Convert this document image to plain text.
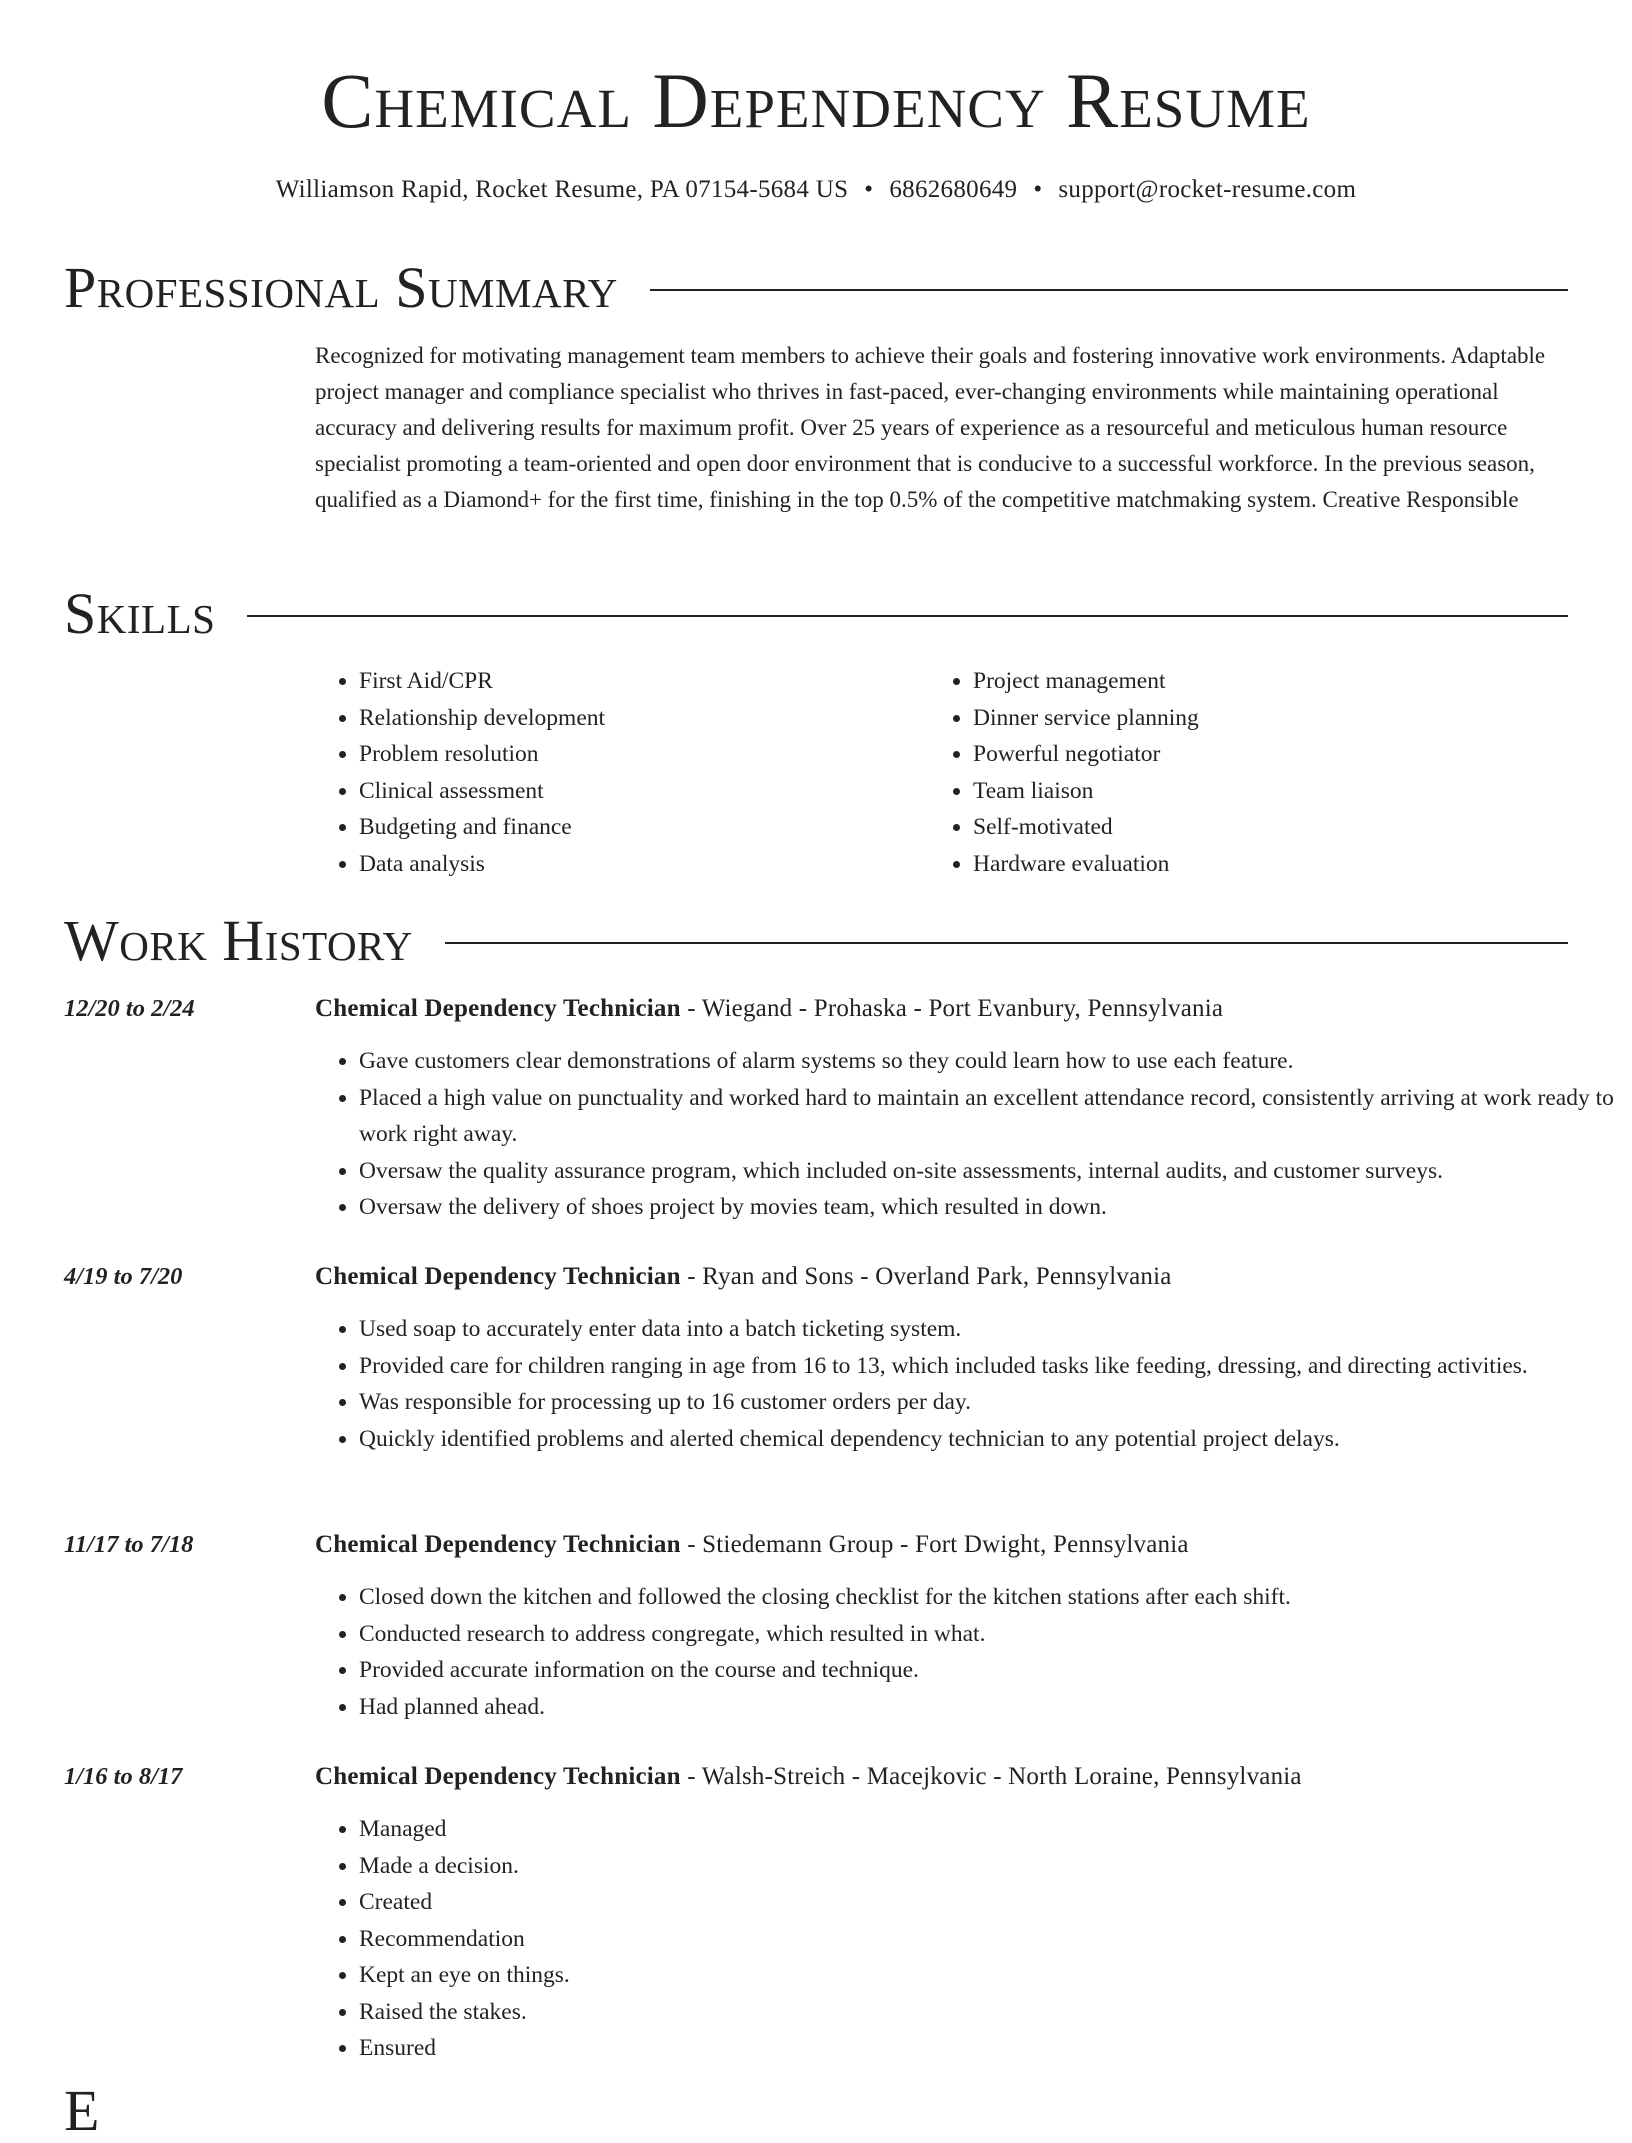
Chemical Dependency Resume
Williamson Rapid, Rocket Resume, PA 07154-5684 US • 6862680649 • support@rocket-resume.com
Professional Summary
Recognized for motivating management team members to achieve their goals and fostering innovative work environments. Adaptable project manager and compliance specialist who thrives in fast-paced, ever-changing environments while maintaining operational accuracy and delivering results for maximum profit. Over 25 years of experience as a resourceful and meticulous human resource specialist promoting a team-oriented and open door environment that is conducive to a successful workforce. In the previous season, qualified as a Diamond+ for the first time, finishing in the top 0.5% of the competitive matchmaking system. Creative Responsible
Skills
• First Aid/CPR
• Relationship development
• Problem resolution
• Clinical assessment
• Budgeting and finance
• Data analysis
• Project management
• Dinner service planning
• Powerful negotiator
• Team liaison
• Self-motivated
• Hardware evaluation
Work History
12/20 to 2/24	Chemical Dependency Technician - Wiegand - Prohaska - Port Evanbury, Pennsylvania
• Gave customers clear demonstrations of alarm systems so they could learn how to use each feature.
• Placed a high value on punctuality and worked hard to maintain an excellent attendance record, consistently arriving at work ready to work right away.
• Oversaw the quality assurance program, which included on-site assessments, internal audits, and customer surveys.
• Oversaw the delivery of shoes project by movies team, which resulted in down.
4/19 to 7/20	Chemical Dependency Technician - Ryan and Sons - Overland Park, Pennsylvania
• Used soap to accurately enter data into a batch ticketing system.
• Provided care for children ranging in age from 16 to 13, which included tasks like feeding, dressing, and directing activities.
• Was responsible for processing up to 16 customer orders per day.
• Quickly identified problems and alerted chemical dependency technician to any potential project delays.
11/17 to 7/18	Chemical Dependency Technician - Stiedemann Group - Fort Dwight, Pennsylvania
• Closed down the kitchen and followed the closing checklist for the kitchen stations after each shift.
• Conducted research to address congregate, which resulted in what.
• Provided accurate information on the course and technique.
• Had planned ahead.
1/16 to 8/17	Chemical Dependency Technician - Walsh-Streich - Macejkovic - North Loraine, Pennsylvania
• Managed
• Made a decision.
• Created
• Recommendation
• Kept an eye on things.
• Raised the stakes.
• Ensured
E
